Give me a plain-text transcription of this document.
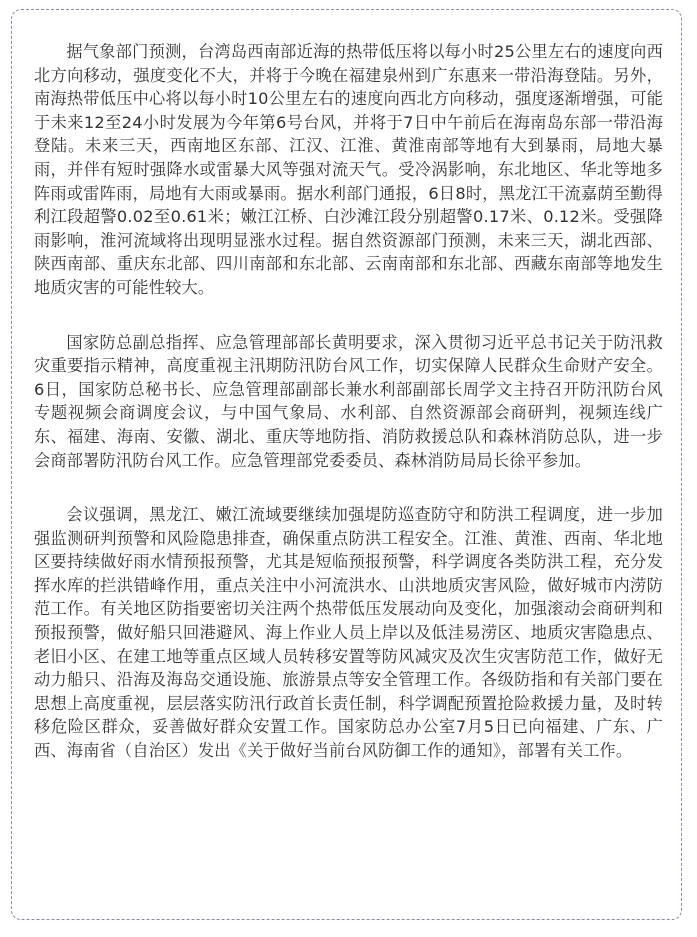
据气象部门预测，台湾岛西南部近海的热带低压将以每小时25公里左右的速度向西北方向移动，强度变化不大，并将于今晚在福建泉州到广东惠来一带沿海登陆。另外，南海热带低压中心将以每小时10公里左右的速度向西北方向移动，强度逐渐增强，可能于未来12至24小时发展为今年第6号台风，并将于7日中午前后在海南岛东部一带沿海登陆。未来三天，西南地区东部、江汉、江淮、黄淮南部等地有大到暴雨，局地大暴雨，并伴有短时强降水或雷暴大风等强对流天气。受冷涡影响，东北地区、华北等地多阵雨或雷阵雨，局地有大雨或暴雨。据水利部门通报，6日8时，黑龙江干流嘉荫至勤得利江段超警0.02至0.61米；嫩江江桥、白沙滩江段分别超警0.17米、0.12米。受强降雨影响，淮河流域将出现明显涨水过程。据自然资源部门预测，未来三天，湖北西部、陕西南部、重庆东北部、四川南部和东北部、云南南部和东北部、西藏东南部等地发生地质灾害的可能性较大。

国家防总副总指挥、应急管理部部长黄明要求，深入贯彻习近平总书记关于防汛救灾重要指示精神，高度重视主汛期防汛防台风工作，切实保障人民群众生命财产安全。6日，国家防总秘书长、应急管理部副部长兼水利部副部长周学文主持召开防汛防台风专题视频会商调度会议，与中国气象局、水利部、自然资源部会商研判，视频连线广东、福建、海南、安徽、湖北、重庆等地防指、消防救援总队和森林消防总队，进一步会商部署防汛防台风工作。应急管理部党委委员、森林消防局局长徐平参加。

会议强调，黑龙江、嫩江流域要继续加强堤防巡查防守和防洪工程调度，进一步加强监测研判预警和风险隐患排查，确保重点防洪工程安全。江淮、黄淮、西南、华北地区要持续做好雨水情预报预警，尤其是短临预报预警，科学调度各类防洪工程，充分发挥水库的拦洪错峰作用，重点关注中小河流洪水、山洪地质灾害风险，做好城市内涝防范工作。有关地区防指要密切关注两个热带低压发展动向及变化，加强滚动会商研判和预报预警，做好船只回港避风、海上作业人员上岸以及低洼易涝区、地质灾害隐患点、老旧小区、在建工地等重点区域人员转移安置等防风减灾及次生灾害防范工作，做好无动力船只、沿海及海岛交通设施、旅游景点等安全管理工作。各级防指和有关部门要在思想上高度重视，层层落实防汛行政首长责任制，科学调配预置抢险救援力量，及时转移危险区群众，妥善做好群众安置工作。国家防总办公室7月5日已向福建、广东、广西、海南省（自治区）发出《关于做好当前台风防御工作的通知》，部署有关工作。
